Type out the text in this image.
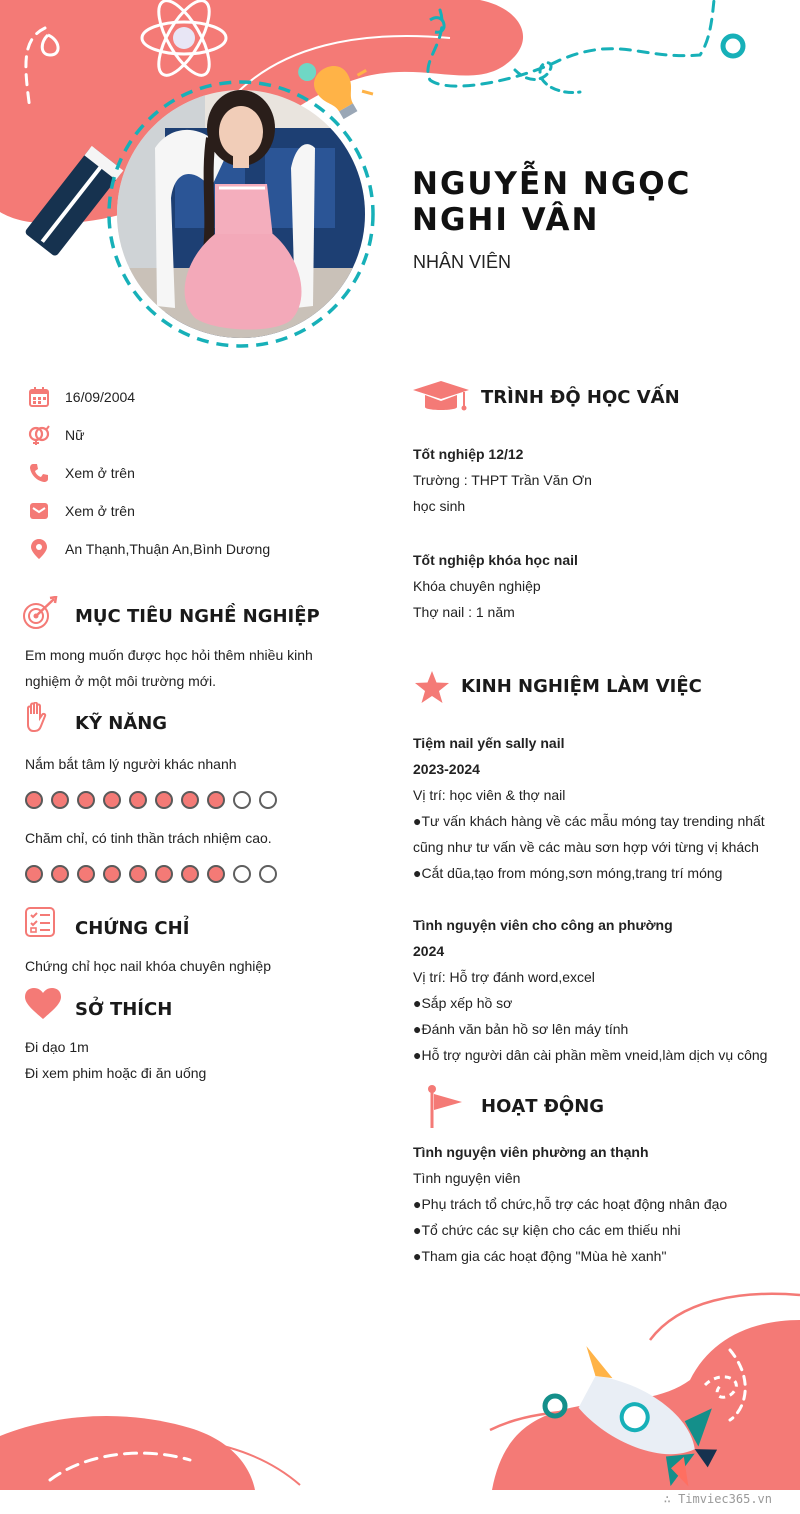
NGUYỄN NGỌC NGHI VÂN
NHÂN VIÊN
16/09/2004
Nữ
Xem ở trên
Xem ở trên
An Thạnh,Thuận An,Bình Dương
MỤC TIÊU NGHỀ NGHIỆP
Em mong muốn được học hỏi thêm nhiều kinh
nghiệm ở một môi trường mới.
KỸ NĂNG
Nắm bắt tâm lý người khác nhanh
Chăm chỉ, có tinh thần trách nhiệm cao.
CHỨNG CHỈ
Chứng chỉ học nail khóa chuyên nghiệp
SỞ THÍCH
Đi dạo 1m
Đi xem phim hoặc đi ăn uống
TRÌNH ĐỘ HỌC VẤN
Tốt nghiệp 12/12
Trường : THPT Trần Văn Ơn
học sinh
Tốt nghiệp khóa học nail
Khóa chuyên nghiệp
Thợ nail : 1 năm
KINH NGHIỆM LÀM VIỆC
Tiệm nail yến sally nail
2023-2024
Vị trí: học viên & thợ nail
●Tư vấn khách hàng về các mẫu móng tay trending nhất
cũng như tư vấn về các màu sơn hợp với từng vị khách
●Cắt dũa,tạo from móng,sơn móng,trang trí móng
Tình nguyện viên cho công an phường
2024
Vị trí: Hỗ trợ đánh word,excel
●Sắp xếp hồ sơ
●Đánh văn bản hồ sơ lên máy tính
●Hỗ trợ người dân cài phần mềm vneid,làm dịch vụ công
HOẠT ĐỘNG
Tình nguyện viên phường an thạnh
Tình nguyện viên
●Phụ trách tổ chức,hỗ trợ các hoạt động nhân đạo
●Tổ chức các sự kiện cho các em thiếu nhi
●Tham gia các hoạt động "Mùa hè xanh"
∴ Timviec365.vn
